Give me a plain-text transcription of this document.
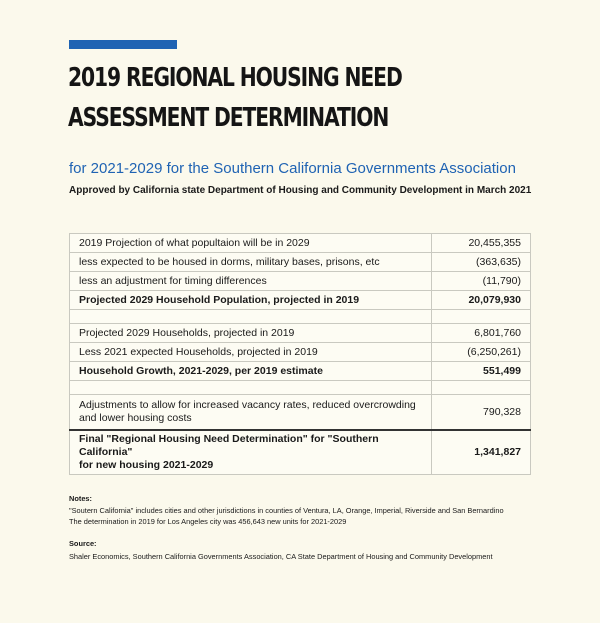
2019 REGIONAL HOUSING NEED
ASSESSMENT DETERMINATION

for 2021-2029 for the Southern California Governments Association

Approved by California state Department of Housing and Community Development in March 2021

2019 Projection of what popultaion will be in 2029	20,455,355
less expected to be housed in dorms, military bases, prisons, etc	(363,635)
less an adjustment for timing differences	(11,790)
Projected 2029 Household Population, projected in 2019	20,079,930

Projected 2029 Households, projected in 2019	6,801,760
Less 2021 expected Households, projected in 2019	(6,250,261)
Household Growth, 2021-2029, per 2019 estimate	551,499

Adjustments to allow for increased vacancy rates, reduced overcrowding
and lower housing costs	790,328
Final "Regional Housing Need Determination" for "Southern California"
for new housing 2021-2029	1,341,827
Notes:

"Soutern California" includes cities and other jurisdictions in counties of Ventura, LA, Orange, Imperial, Riverside and San Bernardino

The determination in 2019 for Los Angeles city was 456,643 new units for 2021-2029

Source:

Shaler Economics, Southern California Governments Association, CA State Department of Housing and Community Development
